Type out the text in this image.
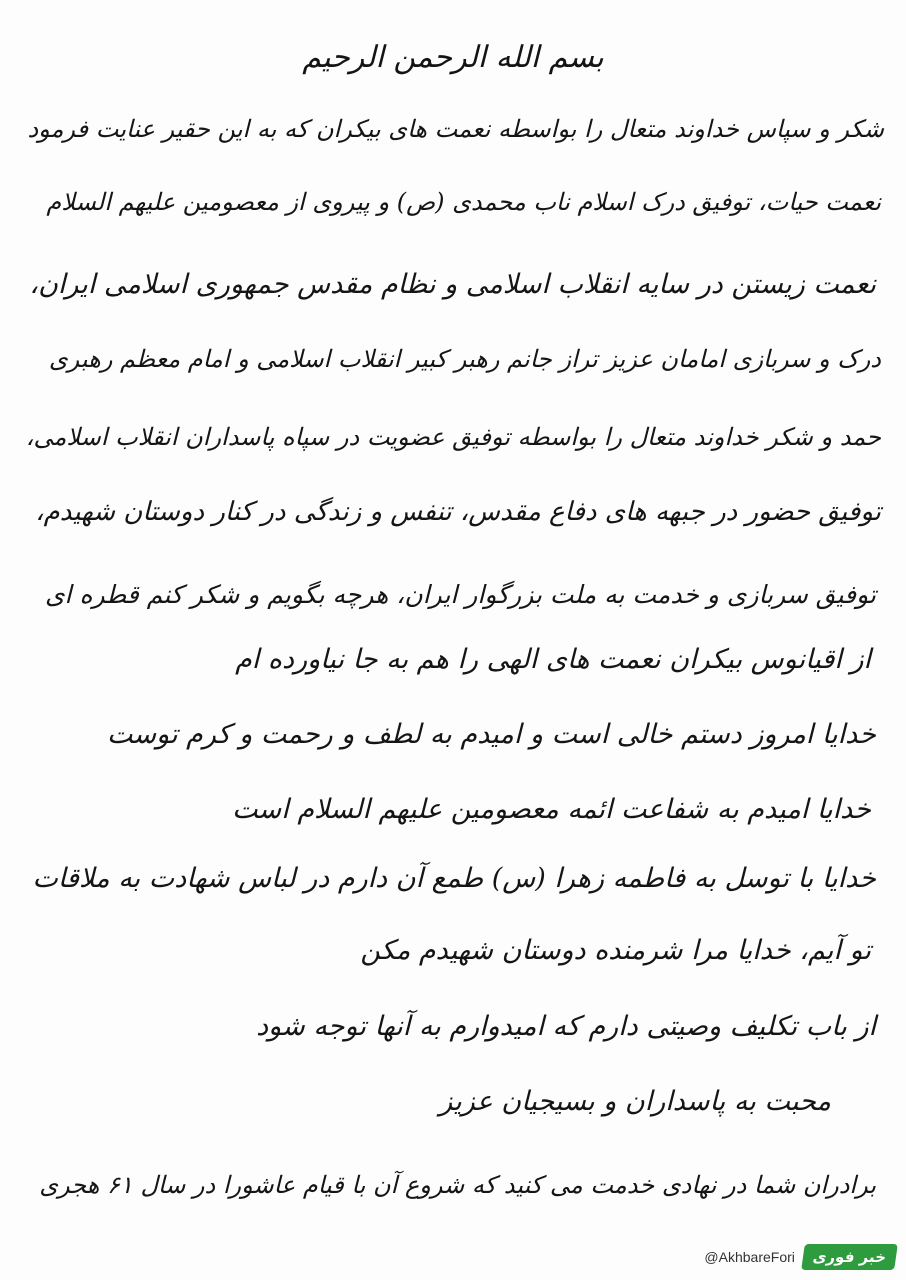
بسم الله الرحمن الرحیم
شکر و سپاس خداوند متعال را بواسطه نعمت های بیکران که به این حقیر عنایت فرمود
نعمت حیات، توفیق درک اسلام ناب محمدی (ص) و پیروی از معصومین علیهم السلام
نعمت زیستن در سایه انقلاب اسلامی و نظام مقدس جمهوری اسلامی ایران،
درک و سربازی امامان عزیز تراز جانم رهبر کبیر انقلاب اسلامی و امام معظم رهبری
حمد و شکر خداوند متعال را بواسطه توفیق عضویت در سپاه پاسداران انقلاب اسلامی،
توفیق حضور در جبهه های دفاع مقدس، تنفس و زندگی در کنار دوستان شهیدم،
توفیق سربازی و خدمت به ملت بزرگوار ایران، هرچه بگویم و شکر کنم قطره ای
از اقیانوس بیکران نعمت های الهی را هم به جا نیاورده ام
خدایا امروز دستم خالی است و امیدم به لطف و رحمت و کرم توست
خدایا امیدم به شفاعت ائمه معصومین علیهم السلام است
خدایا با توسل به فاطمه زهرا (س) طمع آن دارم در لباس شهادت به ملاقات
تو آیم، خدایا مرا شرمنده دوستان شهیدم مکن
از باب تکلیف وصیتی دارم که امیدوارم به آنها توجه شود
محبت به پاسداران و بسیجیان عزیز
برادران شما در نهادی خدمت می کنید که شروع آن با قیام عاشورا در سال ۶۱ هجری
@AkhbareFori	خبر فوری
